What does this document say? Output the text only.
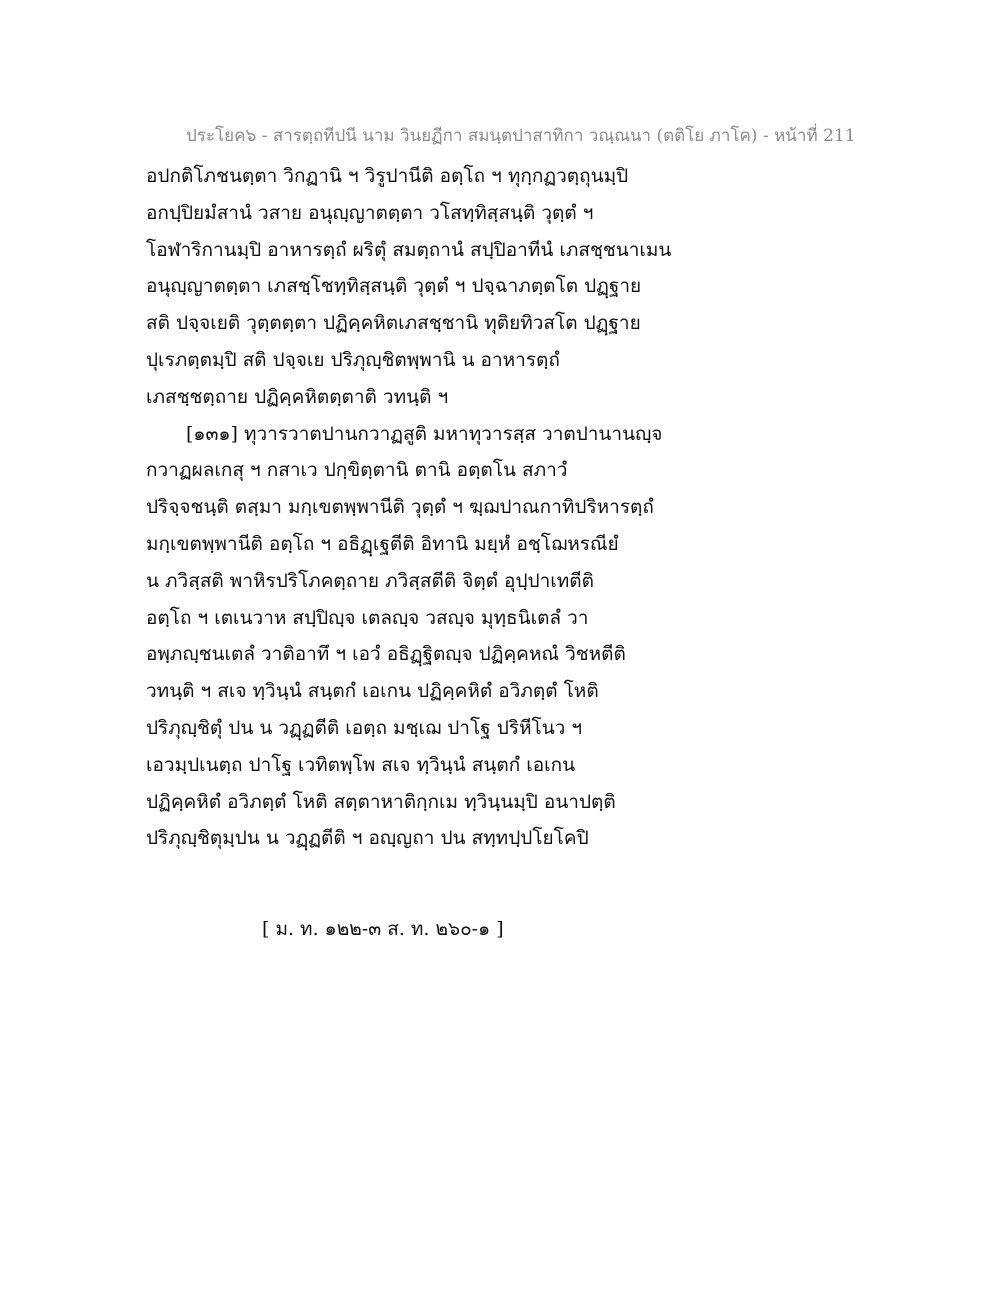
ประโยค๖ - สารตฺถทีปนี นาม วินยฏีกา สมนฺตปาสาทิกา วณฺณนา (ตติโย ภาโค) - หน้าที่ 211
อปกติโภชนตฺตา วิกฏานิ ฯ วิรูปานีติ อตฺโถ ฯ ทุกฺกฏวตฺถุนมฺปิ
อกปฺปิยมํสานํ วสาย อนุญฺญาตตฺตา วโสทฺทิสฺสนฺติ วุตฺตํ ฯ
โอฬาริกานมฺปิ อาหารตฺถํ ผริตุํ สมตฺถานํ สปฺปิอาทีนํ เภสชฺชนาเมน
อนุญฺญาตตฺตา เภสชฺโชทฺทิสฺสนฺติ วุตฺตํ ฯ ปจฺฉาภตฺตโต ปฏฺฐาย
สติ ปจฺจเยติ วุตฺตตฺตา ปฏิคฺคหิตเภสชฺชานิ ทุติยทิวสโต ปฏฺฐาย
ปุเรภตฺตมฺปิ สติ ปจฺจเย ปริภุญฺชิตพฺพานิ น อาหารตฺถํ
เภสชฺชตฺถาย ปฏิคฺคหิตตฺตาติ วทนฺติ ฯ
[๑๓๑] ทุวารวาตปานกวาฏสูติ มหาทุวารสฺส วาตปานานญฺจ
กวาฏผลเกสุ ฯ กสาเว ปกฺขิตฺตานิ ตานิ อตฺตโน สภาวํ
ปริจฺจชนฺติ ตสฺมา มกฺเขตพฺพานีติ วุตฺตํ ฯ ฆฺฌปาณกาทิปริหารตฺถํ
มกฺเขตพฺพานีติ อตฺโถ ฯ อธิฏฺเฐตีติ อิทานิ มยฺหํ อชฺโฌหรณียํ
น ภวิสฺสติ พาหิรปริโภคตฺถาย ภวิสฺสตีติ จิตฺตํ อุปฺปาเทตีติ
อตฺโถ ฯ เตเนวาห สปฺปิญฺจ เตลญฺจ วสญฺจ มุทฺธนิเตลํ วา
อพฺภญฺชนเตลํ วาติอาทึ ฯ เอวํ อธิฏฺฐิตญฺจ ปฏิคฺคหณํ วิชหตีติ
วทนฺติ ฯ สเจ ทฺวินฺนํ สนฺตกํ เอเกน ปฏิคฺคหิตํ อวิภตฺตํ โหติ
ปริภุญฺชิตุํ ปน น วฏฺฏตีติ เอตฺถ มชฺเฌ ปาโฐ ปริหีโนว ฯ
เอวมฺปเนตฺถ ปาโฐ เวทิตพฺโพ สเจ ทฺวินฺนํ สนฺตกํ เอเกน
ปฏิคฺคหิตํ อวิภตฺตํ โหติ สตฺตาหาติกฺกเม ทฺวินฺนมฺปิ อนาปตฺติ
ปริภุญฺชิตุมฺปน น วฏฺฏตีติ ฯ อญฺญถา ปน สทฺทปฺปโยโคปิ
[ ม. ท. ๑๒๒-๓ ส. ท. ๒๖๐-๑ ]
